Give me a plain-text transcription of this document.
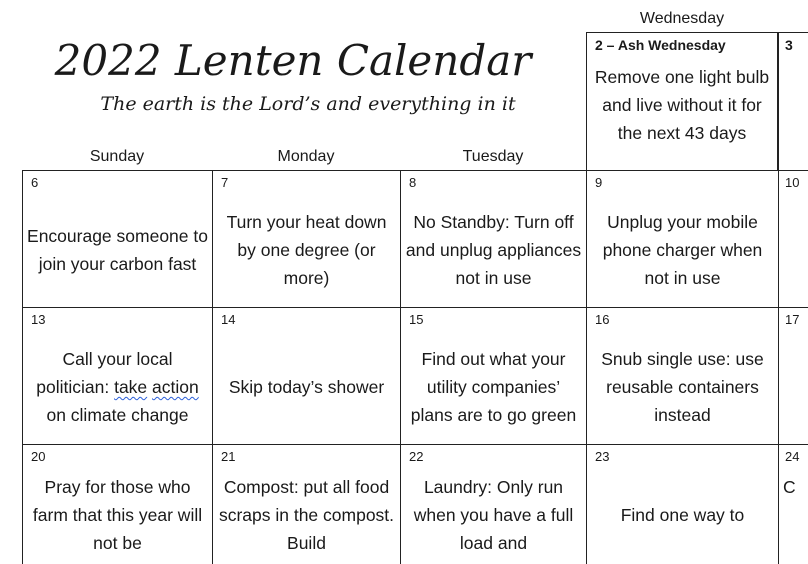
2022 Lenten Calendar
The earth is the Lord’s and everything in it
Sunday	Monday	Tuesday
Wednesday
2 – Ash Wednesday
Remove one light bulb and live without it for the next 43 days
3
6
Encourage someone to join your carbon fast
7
Turn your heat down by one degree (or more)
8
No Standby: Turn off and unplug appliances not in use
9
Unplug your mobile phone charger when not in use
10
13
Call your local politician: take action on climate change
14
Skip today’s shower
15
Find out what your utility companies’ plans are to go green
16
Snub single use: use reusable containers instead
17
20
Pray for those who farm that this year will not be
21
Compost: put all food scraps in the compost. Build
22
Laundry: Only run when you have a full load and
23
Find one way to
24
C
